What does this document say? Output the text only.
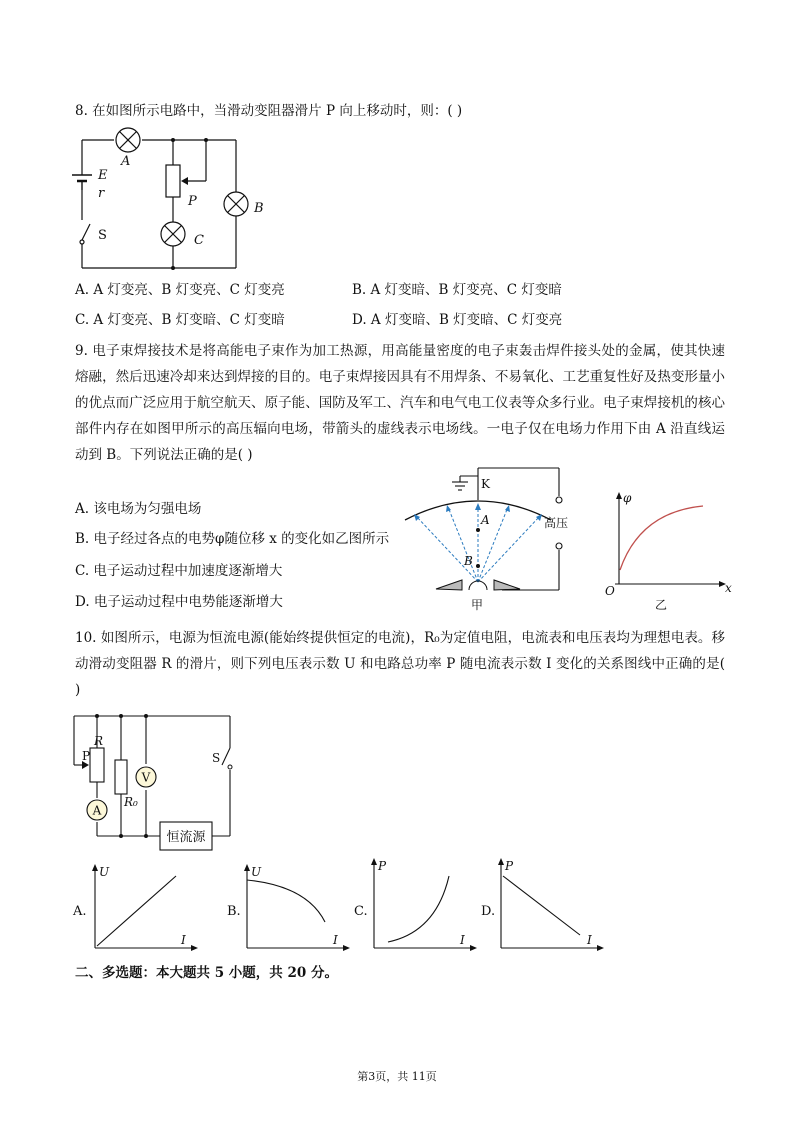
8. 在如图所示电路中，当滑动变阻器滑片 P 向上移动时，则：( )
A
E
r
P	B
C
S
A. A 灯变亮、B 灯变亮、C 灯变亮	B. A 灯变暗、B 灯变亮、C 灯变暗
C. A 灯变亮、B 灯变暗、C 灯变暗	D. A 灯变暗、B 灯变暗、C 灯变亮
9. 电子束焊接技术是将高能电子束作为加工热源，用高能量密度的电子束轰击焊件接头处的金属，使其快速熔融，然后迅速冷却来达到焊接的目的。电子束焊接因具有不用焊条、不易氧化、工艺重复性好及热变形量小的优点而广泛应用于航空航天、原子能、国防及军工、汽车和电气电工仪表等众多行业。电子束焊接机的核心部件内存在如图甲所示的高压辐向电场，带箭头的虚线表示电场线。一电子仅在电场力作用下由 A 沿直线运动到 B。下列说法正确的是( )
A. 该电场为匀强电场
B. 电子经过各点的电势φ随位移 x 的变化如乙图所示
C. 电子运动过程中加速度逐渐增大
D. 电子运动过程中电势能逐渐增大
K
A
B
高压
甲
φ
x
O
乙
10. 如图所示，电源为恒流电源(能始终提供恒定的电流)，R₀为定值电阻，电流表和电压表均为理想电表。移动滑动变阻器 R 的滑片，则下列电压表示数 U 和电路总功率 P 随电流表示数 I 变化的关系图线中正确的是( )
V
A
恒流源
R
P
R₀
S
A.	B.	C.	D.
U
I
U
I
P
I
P
I
二、多选题：本大题共 5 小题，共 20 分。
第3页，共 11页
